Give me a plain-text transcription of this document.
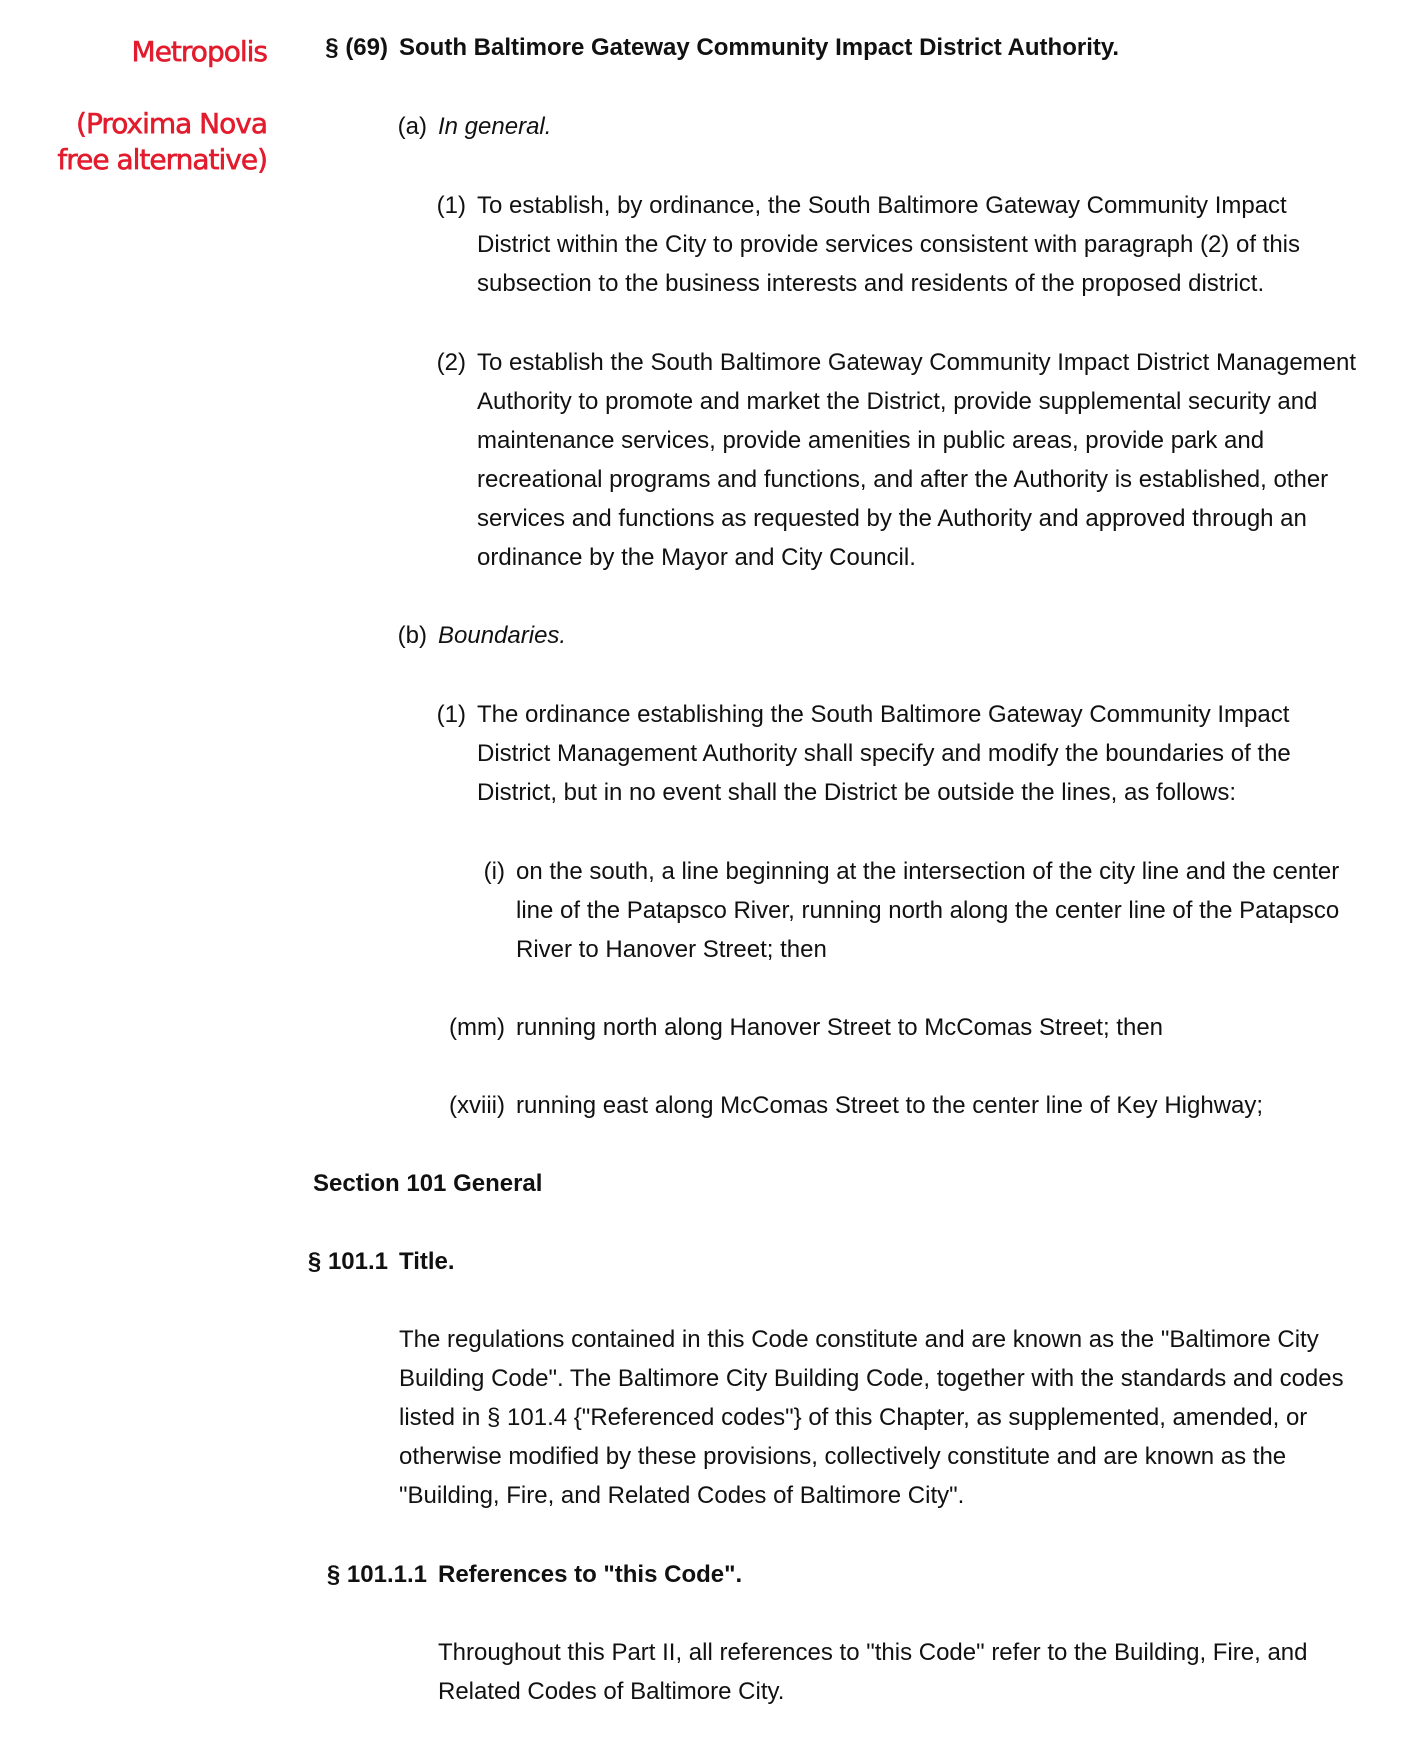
Metropolis
(Proxima Nova
free alternative)
§ (69) South Baltimore Gateway Community Impact District Authority.
(a) In general.
(1) To establish, by ordinance, the South Baltimore Gateway Community Impact District within the City to provide services consistent with paragraph (2) of this subsection to the business interests and residents of the proposed district.
(2) To establish the South Baltimore Gateway Community Impact District Management Authority to promote and market the District, provide supplemental security and maintenance services, provide amenities in public areas, provide park and recreational programs and functions, and after the Authority is established, other services and functions as requested by the Authority and approved through an ordinance by the Mayor and City Council.
(b) Boundaries.
(1) The ordinance establishing the South Baltimore Gateway Community Impact District Management Authority shall specify and modify the boundaries of the District, but in no event shall the District be outside the lines, as follows:
(i) on the south, a line beginning at the intersection of the city line and the center line of the Patapsco River, running north along the center line of the Patapsco River to Hanover Street; then
(mm) running north along Hanover Street to McComas Street; then
(xviii) running east along McComas Street to the center line of Key Highway;
Section 101 General
§ 101.1 Title.
The regulations contained in this Code constitute and are known as the "Baltimore City Building Code". The Baltimore City Building Code, together with the standards and codes listed in § 101.4 {"Referenced codes"} of this Chapter, as supplemented, amended, or otherwise modified by these provisions, collectively constitute and are known as the "Building, Fire, and Related Codes of Baltimore City".
§ 101.1.1 References to "this Code".
Throughout this Part II, all references to "this Code" refer to the Building, Fire, and Related Codes of Baltimore City.
